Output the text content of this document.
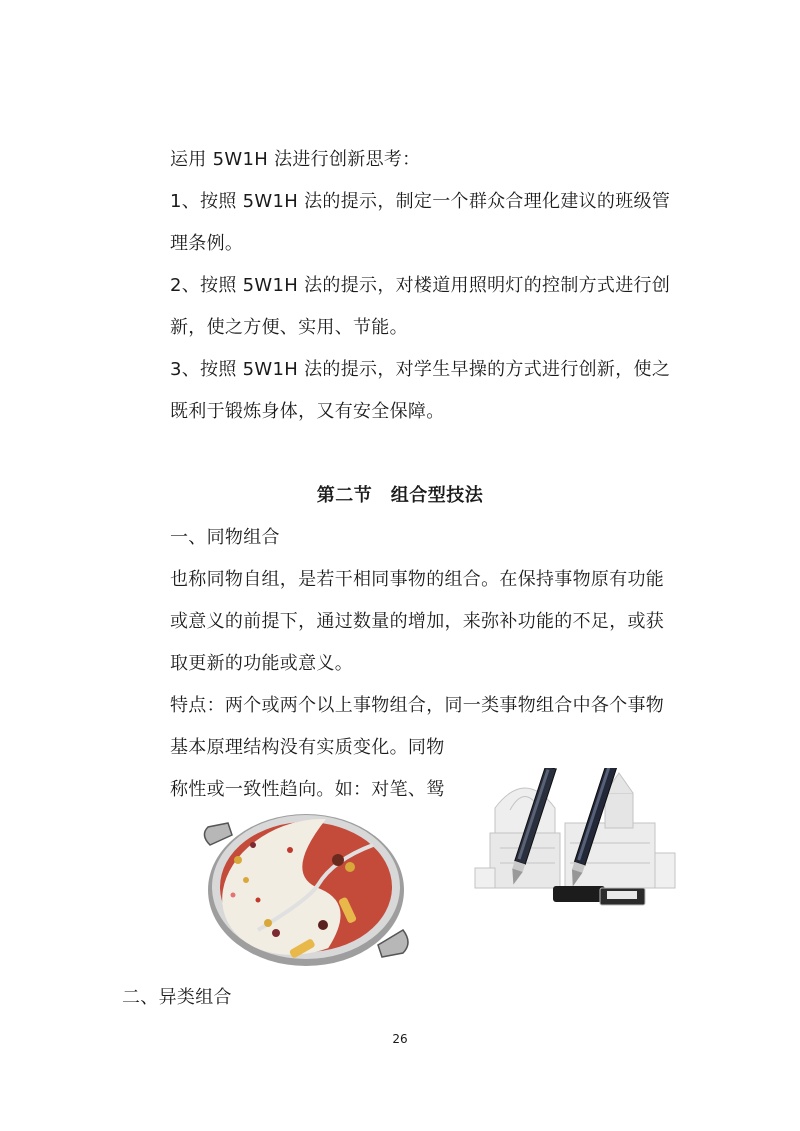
运用 5W1H 法进行创新思考：
1、按照 5W1H 法的提示，制定一个群众合理化建议的班级管
理条例。
2、按照 5W1H 法的提示，对楼道用照明灯的控制方式进行创
新，使之方便、实用、节能。
3、按照 5W1H 法的提示，对学生早操的方式进行创新，使之
既利于锻炼身体，又有安全保障。
第二节　组合型技法
一、同物组合
也称同物自组，是若干相同事物的组合。在保持事物原有功能
或意义的前提下，通过数量的增加，来弥补功能的不足，或获
取更新的功能或意义。
特点：两个或两个以上事物组合，同一类事物组合中各个事物
基本原理结构没有实质变化。同物
称性或一致性趋向。如：对笔、鸳
二、异类组合
26
